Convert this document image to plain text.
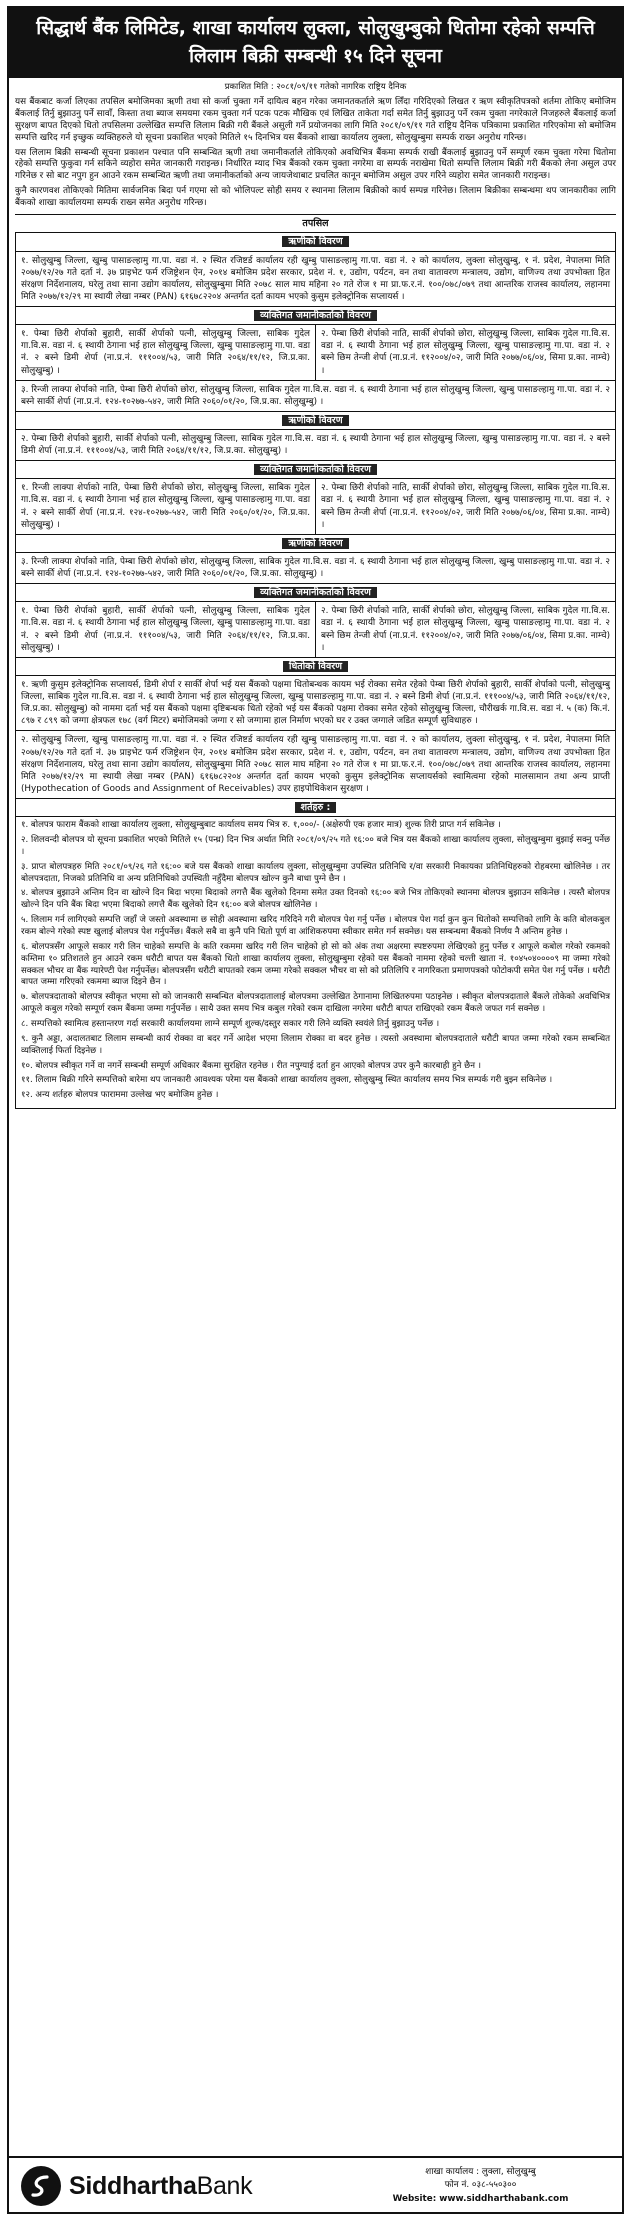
सिद्धार्थ बैंक लिमिटेड, शाखा कार्यालय लुक्ला, सोलुखुम्बुको धितोमा रहेको सम्पत्ति लिलाम बिक्री सम्बन्धी १५ दिने सूचना
प्रकाशित मिति : २०८१/०९/११ गतेको नागरिक राष्ट्रिय दैनिक

यस बैंकबाट कर्जा लिएका तपसिल बमोजिमका ऋणी तथा सो कर्जा चुक्ता गर्ने दायित्व बहन गरेका जमानतकर्ताले ऋण लिँदा गरिदिएको लिखत र ऋण स्वीकृतिपत्रको शर्तमा तोकिए बमोजिम बैंकलाई तिर्नु बुझाउनु पर्ने सावाँ, किस्ता तथा ब्याज समयमा रकम चुक्ता गर्न पटक पटक मौखिक एवं लिखित ताकेता गर्दा समेत तिर्नु बुझाउनु पर्ने रकम चुक्ता नगरेकाले निजहरुले बैंकलाई कर्जा सुरक्षण बापत दिएको धितो तपसिलमा उल्लेखित सम्पत्ति लिलाम बिक्री गरी बैंकले असुली गर्ने प्रयोजनका लागि मिति २०८१/०९/११ गते राष्ट्रिय दैनिक पत्रिकामा प्रकाशित गरिएकोमा सो बमोजिम सम्पत्ति खरिद गर्न इच्छुक व्यक्तिहरुले यो सूचना प्रकाशित भएको मितिले १५ दिनभित्र यस बैंकको शाखा कार्यालय लुक्ला, सोलुखुम्बुमा सम्पर्क राख्न अनुरोध गरिन्छ।

यस लिलाम बिक्री सम्बन्धी सूचना प्रकाशन पश्चात पनि सम्बन्धित ऋणी तथा जमानीकर्ताले तोकिएको अवधिभित्र बैंकमा सम्पर्क राखी बैंकलाई बुझाउनु पर्ने सम्पूर्ण रकम चुक्ता गरेमा धितोमा रहेको सम्पत्ति फुकुवा गर्न सकिने व्यहोरा समेत जानकारी गराइन्छ। निर्धारित म्याद भित्र बैंकको रकम चुक्ता नगरेमा वा सम्पर्क नराखेमा धितो सम्पत्ति लिलाम बिक्री गरी बैंकको लेना असुल उपर गरिनेछ र सो बाट नपुग हुन आउने रकम सम्बन्धित ऋणी तथा जमानीकर्ताको अन्य जायजेथाबाट प्रचलित कानून बमोजिम असुल उपर गरिने व्यहोरा समेत जानकारी गराइन्छ।

कुनै कारणवश तोकिएको मितिमा सार्वजनिक बिदा पर्न गएमा सो को भोलिपल्ट सोही समय र स्थानमा लिलाम बिक्रीको कार्य सम्पन्न गरिनेछ। लिलाम बिक्रीका सम्बन्धमा थप जानकारीका लागि बैंकको शाखा कार्यालयमा सम्पर्क राख्न समेत अनुरोध गरिन्छ।

तपसिल
ऋणीको विवरण
१. सोलुखुम्बु जिल्ला, खुम्बु पासाङल्हामु गा.पा. वडा नं. २ स्थित रजिष्टर्ड कार्यालय रही खुम्बु पासाङल्हामु गा.पा. वडा नं. २ को कार्यालय, लुक्ला सोलुखुम्बु, १ नं. प्रदेश, नेपालमा मिति २०७७/१२/२७ गते दर्ता नं. ३७ प्राइभेट फर्म रजिष्ट्रेशन ऐन, २०१४ बमोजिम प्रदेश सरकार, प्रदेश नं. १, उद्योग, पर्यटन, वन तथा वातावरण मन्त्रालय, उद्योग, वाणिज्य तथा उपभोक्ता हित संरक्षण निर्देशनालय, घरेलु तथा साना उद्योग कार्यालय, सोलुखुम्बुमा मिति २०७८ साल माघ महिना २० गते रोज १ मा प्रा.फ.र.नं. १००/०७८/०७९ तथा आन्तरिक राजस्व कार्यालय, लहानमा मिति २०७७/१२/२९ मा स्थायी लेखा नम्बर (PAN) ६१६७८२२०४ अन्तर्गत दर्ता कायम भएको कुसुम इलेक्ट्रोनिक सप्लायर्स ।
व्यक्तिगत जमानीकर्ताको विवरण
१. पेम्बा छिरी शेर्पाको बुहारी, सार्की शेर्पाको पत्नी, सोलुखुम्बु जिल्ला, साबिक गुदेल गा.वि.स. वडा नं. ६ स्थायी ठेगाना भई हाल सोलुखुम्बु जिल्ला, खुम्बु पासाङल्हामु गा.पा. वडा नं. २ बस्ने डिमी शेर्पा (ना.प्र.नं. १११००४/५३, जारी मिति २०६४/११/१२, जि.प्र.का. सोलुखुम्बु) ।
२. पेम्बा छिरी शेर्पाको नाति, सार्की शेर्पाको छोरा, सोलुखुम्बु जिल्ला, साबिक गुदेल गा.वि.स. वडा नं. ६ स्थायी ठेगाना भई हाल सोलुखुम्बु जिल्ला, खुम्बु पासाङल्हामु गा.पा. वडा नं. २ बस्ने छिम तेन्जी शेर्पा (ना.प्र.नं. ११२००४/०२, जारी मिति २०७७/०६/०४, सिमा प्र.का. नाम्चे) ।
३. रिन्जी लाक्पा शेर्पाको नाति, पेम्बा छिरी शेर्पाको छोरा, सोलुखुम्बु जिल्ला, साबिक गुदेल गा.वि.स. वडा नं. ६ स्थायी ठेगाना भई हाल सोलुखुम्बु जिल्ला, खुम्बु पासाङल्हामु गा.पा. वडा नं. २ बस्ने सार्की शेर्पा (ना.प्र.नं. १२४-१०२७७-५४२, जारी मिति २०६०/०१/२०, जि.प्र.का. सोलुखुम्बु) ।
ऋणीको विवरण
२. पेम्बा छिरी शेर्पाको बुहारी, सार्की शेर्पाको पत्नी, सोलुखुम्बु जिल्ला, साबिक गुदेल गा.वि.स. वडा नं. ६ स्थायी ठेगाना भई हाल सोलुखुम्बु जिल्ला, खुम्बु पासाङल्हामु गा.पा. वडा नं. २ बस्ने डिमी शेर्पा (ना.प्र.नं. १११००४/५३, जारी मिति २०६४/११/१२, जि.प्र.का. सोलुखुम्बु) ।
व्यक्तिगत जमानीकर्ताको विवरण
१. रिन्जी लाक्पा शेर्पाको नाति, पेम्बा छिरी शेर्पाको छोरा, सोलुखुम्बु जिल्ला, साबिक गुदेल गा.वि.स. वडा नं. ६ स्थायी ठेगाना भई हाल सोलुखुम्बु जिल्ला, खुम्बु पासाङल्हामु गा.पा. वडा नं. २ बस्ने सार्की शेर्पा (ना.प्र.नं. १२४-१०२७७-५४२, जारी मिति २०६०/०१/२०, जि.प्र.का. सोलुखुम्बु) ।
२. पेम्बा छिरी शेर्पाको नाति, सार्की शेर्पाको छोरा, सोलुखुम्बु जिल्ला, साबिक गुदेल गा.वि.स. वडा नं. ६ स्थायी ठेगाना भई हाल सोलुखुम्बु जिल्ला, खुम्बु पासाङल्हामु गा.पा. वडा नं. २ बस्ने छिम तेन्जी शेर्पा (ना.प्र.नं. ११२००४/०२, जारी मिति २०७७/०६/०४, सिमा प्र.का. नाम्चे) ।
ऋणीको विवरण
३. रिन्जी लाक्पा शेर्पाको नाति, पेम्बा छिरी शेर्पाको छोरा, सोलुखुम्बु जिल्ला, साबिक गुदेल गा.वि.स. वडा नं. ६ स्थायी ठेगाना भई हाल सोलुखुम्बु जिल्ला, खुम्बु पासाङल्हामु गा.पा. वडा नं. २ बस्ने सार्की शेर्पा (ना.प्र.नं. १२४-१०२७७-५४२, जारी मिति २०६०/०१/२०, जि.प्र.का. सोलुखुम्बु) ।
व्यक्तिगत जमानीकर्ताको विवरण
१. पेम्बा छिरी शेर्पाको बुहारी, सार्की शेर्पाको पत्नी, सोलुखुम्बु जिल्ला, साबिक गुदेल गा.वि.स. वडा नं. ६ स्थायी ठेगाना भई हाल सोलुखुम्बु जिल्ला, खुम्बु पासाङल्हामु गा.पा. वडा नं. २ बस्ने डिमी शेर्पा (ना.प्र.नं. १११००४/५३, जारी मिति २०६४/११/१२, जि.प्र.का. सोलुखुम्बु) ।
२. पेम्बा छिरी शेर्पाको नाति, सार्की शेर्पाको छोरा, सोलुखुम्बु जिल्ला, साबिक गुदेल गा.वि.स. वडा नं. ६ स्थायी ठेगाना भई हाल सोलुखुम्बु जिल्ला, खुम्बु पासाङल्हामु गा.पा. वडा नं. २ बस्ने छिम तेन्जी शेर्पा (ना.प्र.नं. ११२००४/०२, जारी मिति २०७७/०६/०४, सिमा प्र.का. नाम्चे) ।
धितोको विवरण
१. ऋणी कुसुम इलेक्ट्रोनिक सप्लायर्स, डिमी शेर्पा र सार्की शेर्पा भई यस बैंकको पक्षमा धितोबन्धक कायम भई रोक्का समेत रहेको पेम्बा छिरी शेर्पाको बुहारी, सार्की शेर्पाको पत्नी, सोलुखुम्बु जिल्ला, साबिक गुदेल गा.वि.स. वडा नं. ६ स्थायी ठेगाना भई हाल सोलुखुम्बु जिल्ला, खुम्बु पासाङल्हामु गा.पा. वडा नं. २ बस्ने डिमी शेर्पा (ना.प्र.नं. १११००४/५३, जारी मिति २०६४/११/१२, जि.प्र.का. सोलुखुम्बु) को नाममा दर्ता भई यस बैंकको पक्षमा दृष्टिबन्धक धितो रहेको भई यस बैंकको पक्षमा रोक्का समेत रहेको सोलुखुम्बु जिल्ला, चौरीखर्क गा.वि.स. वडा नं. ५ (क) कि.नं. ८९७ र ८९९ को जग्गा क्षेत्रफल १७८ (वर्ग मिटर) बमोजिमको जग्गा र सो जग्गामा हाल निर्माण भएको घर र उक्त जग्गाले जडित सम्पूर्ण सुविधाहरु ।
२. सोलुखुम्बु जिल्ला, खुम्बु पासाङल्हामु गा.पा. वडा नं. २ स्थित रजिष्टर्ड कार्यालय रही खुम्बु पासाङल्हामु गा.पा. वडा नं. २ को कार्यालय, लुक्ला सोलुखुम्बु, १ नं. प्रदेश, नेपालमा मिति २०७७/१२/२७ गते दर्ता नं. ३७ प्राइभेट फर्म रजिष्ट्रेशन ऐन, २०१४ बमोजिम प्रदेश सरकार, प्रदेश नं. १, उद्योग, पर्यटन, वन तथा वातावरण मन्त्रालय, उद्योग, वाणिज्य तथा उपभोक्ता हित संरक्षण निर्देशनालय, घरेलु तथा साना उद्योग कार्यालय, सोलुखुम्बुमा मिति २०७८ साल माघ महिना २० गते रोज १ मा प्रा.फ.र.नं. १००/०७८/०७९ तथा आन्तरिक राजस्व कार्यालय, लहानमा मिति २०७७/१२/२९ मा स्थायी लेखा नम्बर (PAN) ६१६७८२२०४ अन्तर्गत दर्ता कायम भएको कुसुम इलेक्ट्रोनिक सप्लायर्सको स्वामित्वमा रहेको मालसामान तथा अन्य प्राप्ती (Hypothecation of Goods and Assignment of Receivables) उपर हाइपोथिकेशन सुरक्षण ।
शर्तहरु :
१. बोलपत्र फाराम बैंकको शाखा कार्यालय लुक्ला, सोलुखुम्बुबाट कार्यालय समय भित्र रु. १,०००/- (अक्षेरुपी एक हजार मात्र) शुल्क तिरी प्राप्त गर्न सकिनेछ ।
२. शिलवन्दी बोलपत्र यो सूचना प्रकाशित भएको मितिले १५ (पन्ध्र) दिन भित्र अर्थात मिति २०८१/०९/२५ गते १६:०० बजे भित्र यस बैंकको शाखा कार्यालय लुक्ला, सोलुखुम्बुमा बुझाई सक्नु पर्नेछ ।
३. प्राप्त बोलपत्रहरु मिति २०८१/०९/२६ गते १६:०० बजे यस बैंकको शाखा कार्यालय लुक्ला, सोलुखुम्बुमा उपस्थित प्रतिनिधि र/वा सरकारी निकायका प्रतिनिधिहरुको रोहबरमा खोलिनेछ । तर बोलपत्रदाता, निजको प्रतिनिधि वा अन्य प्रतिनिधिको उपस्थिती नहुँदैमा बोलपत्र खोल्न कुनै बाधा पुग्ने छैन ।
४. बोलपत्र बुझाउने अन्तिम दिन वा खोल्ने दिन बिदा भएमा बिदाको लगत्तै बैंक खुलेको दिनमा समेत उक्त दिनको १६:०० बजे भित्र तोकिएको स्थानमा बोलपत्र बुझाउन सकिनेछ । त्यस्तै बोलपत्र खोल्ने दिन पनि बैंक बिदा भएमा बिदाको लगत्तै बैंक खुलेको दिन १६:०० बजे बोलपत्र खोलिनेछ ।
५. लिलाम गर्न लागिएको सम्पत्ति जहाँ जे जस्तो अवस्थामा छ सोही अवस्थामा खरिद गरिदिने गरी बोलपत्र पेश गर्नु पर्नेछ । बोलपत्र पेश गर्दा कुन कुन धितोको सम्पत्तिको लागि के कति बोलकबुल रकम बोल्ने गरेको स्पष्ट खुलाई बोलपत्र पेश गर्नुपर्नेछ। बैंकले सबै वा कुनै पनि धितो पूर्ण वा आंशिकरुपमा स्वीकार समेत गर्न सक्नेछ। यस सम्बन्धमा बैंकको निर्णय नै अन्तिम हुनेछ ।
६. बोलपत्रसँग आफूले सकार गरी लिन चाहेको सम्पत्ति के कति रकममा खरिद गरी लिन चाहेको हो सो को अंक तथा अक्षरमा स्पष्टरुपमा लेखिएको हुनु पर्नेछ र आफूले कबोल गरेको रकमको कम्तिमा १० प्रतिशतले हुन आउने रकम धरौटी बापत यस बैंकको धितो शाखा कार्यालय लुक्ला, सोलुखुम्बुमा रहेको यस बैंकको नाममा रहेको चल्ती खाता नं. १०४५०४००००९ मा जम्मा गरेको सक्कल भौचर वा बैंक ग्यारेण्टी पेश गर्नुपर्नेछ। बोलपत्रसँग धरौटी बापतको रकम जम्मा गरेको सक्कल भौचर वा सो को प्रतिलिपि र नागरिकता प्रमाणपत्रको फोटोकपी समेत पेश गर्नु पर्नेछ । धरौटी बापत जम्मा गरिएको रकममा ब्याज दिइने छैन ।
७. बोलपत्रदाताको बोलपत्र स्वीकृत भएमा सो को जानकारी सम्बन्धित बोलपत्रदातालाई बोलपत्रमा उल्लेखित ठेगानामा लिखितरुपमा पठाइनेछ । स्वीकृत बोलपत्रदाताले बैंकले तोकेको अवधिभित्र आफूले कबुल गरेको सम्पूर्ण रकम बैंकमा जम्मा गर्नुपर्नेछ । साथै उक्त समय भित्र कबुल गरेको रकम दाखिला नगरेमा धरौटी बापत राखिएको रकम बैंकले जफत गर्न सक्नेछ ।
८. सम्पत्तिको स्वामित्व हस्तान्तरण गर्दा सरकारी कार्यालयमा लाग्ने सम्पूर्ण शुल्क/दस्तुर सकार गरी लिने व्यक्ति स्वयंले तिर्नु बुझाउनु पर्नेछ ।
९. कुनै अड्डा, अदालतबाट लिलाम सम्बन्धी कार्य रोक्का वा बदर गर्ने आदेश भएमा लिलाम रोक्का वा बदर हुनेछ । त्यस्तो अवस्थामा बोलपत्रदाताले धरौटी बापत जम्मा गरेको रकम सम्बन्धित व्यक्तिलाई फिर्ता दिइनेछ ।
१०. बोलपत्र स्वीकृत गर्ने वा नगर्ने सम्बन्धी सम्पूर्ण अधिकार बैंकमा सुरक्षित रहनेछ । रीत नपुग्याई दर्ता हुन आएको बोलपत्र उपर कुनै कारबाही हुने छैन ।
११. लिलाम बिक्री गरिने सम्पत्तिको बारेमा थप जानकारी आवश्यक परेमा यस बैंकको शाखा कार्यालय लुक्ला, सोलुखुम्बु स्थित कार्यालय समय भित्र सम्पर्क गरी बुझ्न सकिनेछ ।
१२. अन्य शर्तहरु बोलपत्र फाराममा उल्लेख भए बमोजिम हुनेछ ।
SiddharthaBank
शाखा कार्यालय : लुक्ला, सोलुखुम्बु
फोन नं. ०३८-५५०३००
Website: www.siddharthabank.com
